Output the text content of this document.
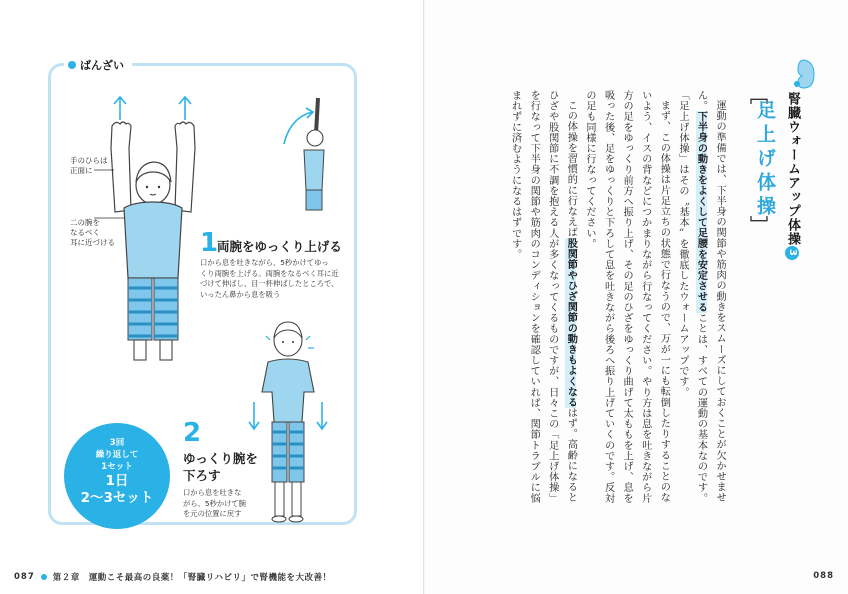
ばんざい
手のひらは
正面に
二の腕を
なるべく
耳に近づける	1
両腕をゆっくり上げる
口から息を吐きながら、5秒かけてゆっ
くり両腕を上げる。両腕をなるべく耳に近
づけて伸ばし、目一杯伸ばしたところで、
いったん鼻から息を吸う
2
ゆっくり腕を
下ろす
口から息を吐きな
がら、5秒かけて腕
を元の位置に戻す
3回
繰り返して
1セット
1日
2～3セット
087 第２章　運動こそ最高の良薬！「腎臓リハビリ」で腎機能を大改善！	088
腎臓ウォームアップ体操3
﹇
足上げ体操
﹈

運動の準備では、下半身の関節や筋肉の動きをスムーズにしておくことが欠かせません。下半身の動きをよくして足腰を安定させることは、すべての運動の基本なのです。「足上げ体操」はその〝基本〟を徹底したウォームアップです。

まず、この体操は片足立ちの状態で行なうので、万が一にも転倒したりすることのないよう、イスの背などにつかまりながら行なってください。やり方は息を吐きながら片方の足をゆっくり前方へ振り上げ、その足のひざをゆっくり曲げて太ももを上げ、息を吸った後、足をゆっくりと下ろして息を吐きながら後ろへ振り上げていくのです。反対の足も同様に行なってください。

この体操を習慣的に行なえば股関節やひざ関節の動きもよくなるはず。高齢になるとひざや股関節に不調を抱える人が多くなってくるものですが、日々この「足上げ体操」を行なって下半身の関節や筋肉のコンディションを確認していれば、関節トラブルに悩まれずに済むようになるはずです。
